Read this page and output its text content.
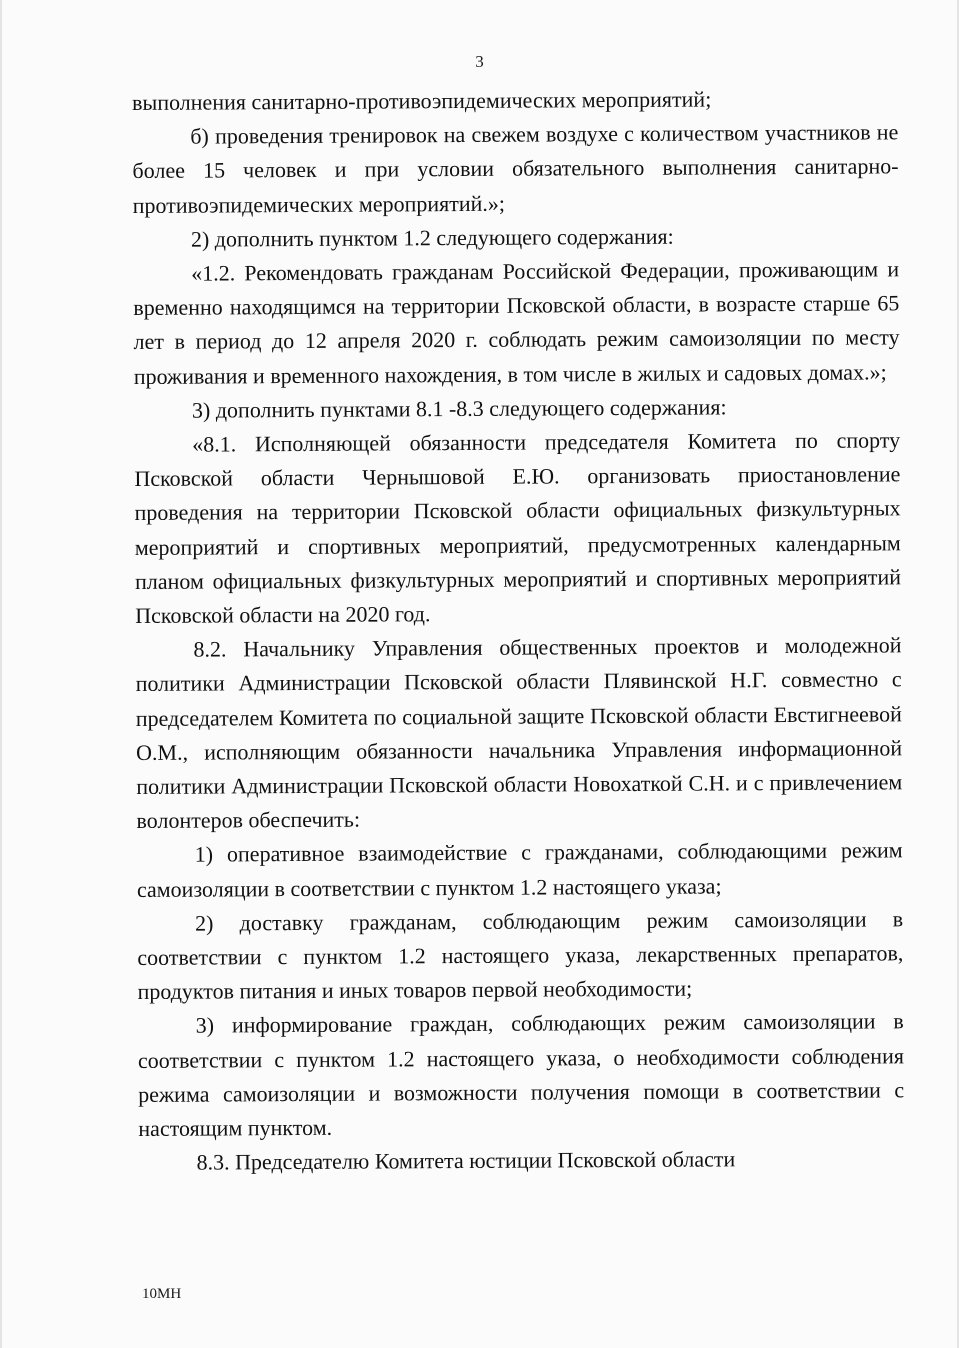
3

выполнения санитарно-противоэпидемических мероприятий;

б) проведения тренировок на свежем воздухе с количеством участников не более 15 человек и при условии обязательного выполнения санитарно-противоэпидемических мероприятий.»;

2) дополнить пунктом 1.2 следующего содержания:

«1.2. Рекомендовать гражданам Российской Федерации, проживающим и временно находящимся на территории Псковской области, в возрасте старше 65 лет в период до 12 апреля 2020 г. соблюдать режим самоизоляции по месту проживания и временного нахождения, в том числе в жилых и садовых домах.»;

3) дополнить пунктами 8.1 -8.3 следующего содержания:

«8.1. Исполняющей обязанности председателя Комитета по спорту Псковской области Чернышовой Е.Ю. организовать приостановление проведения на территории Псковской области официальных физкультурных мероприятий и спортивных мероприятий, предусмотренных календарным планом официальных физкультурных мероприятий и спортивных мероприятий Псковской области на 2020 год.

8.2. Начальнику Управления общественных проектов и молодежной политики Администрации Псковской области Плявинской Н.Г. совместно с председателем Комитета по социальной защите Псковской области Евстигнеевой О.М., исполняющим обязанности начальника Управления информационной политики Администрации Псковской области Новохаткой С.Н. и с привлечением волонтеров обеспечить:

1) оперативное взаимодействие с гражданами, соблюдающими режим самоизоляции в соответствии с пунктом 1.2 настоящего указа;

2) доставку гражданам, соблюдающим режим самоизоляции в соответствии с пунктом 1.2 настоящего указа, лекарственных препаратов, продуктов питания и иных товаров первой необходимости;

3) информирование граждан, соблюдающих режим самоизоляции в соответствии с пунктом 1.2 настоящего указа, о необходимости соблюдения режима самоизоляции и возможности получения помощи в соответствии с настоящим пунктом.

8.3. Председателю Комитета юстиции Псковской области

10МН
